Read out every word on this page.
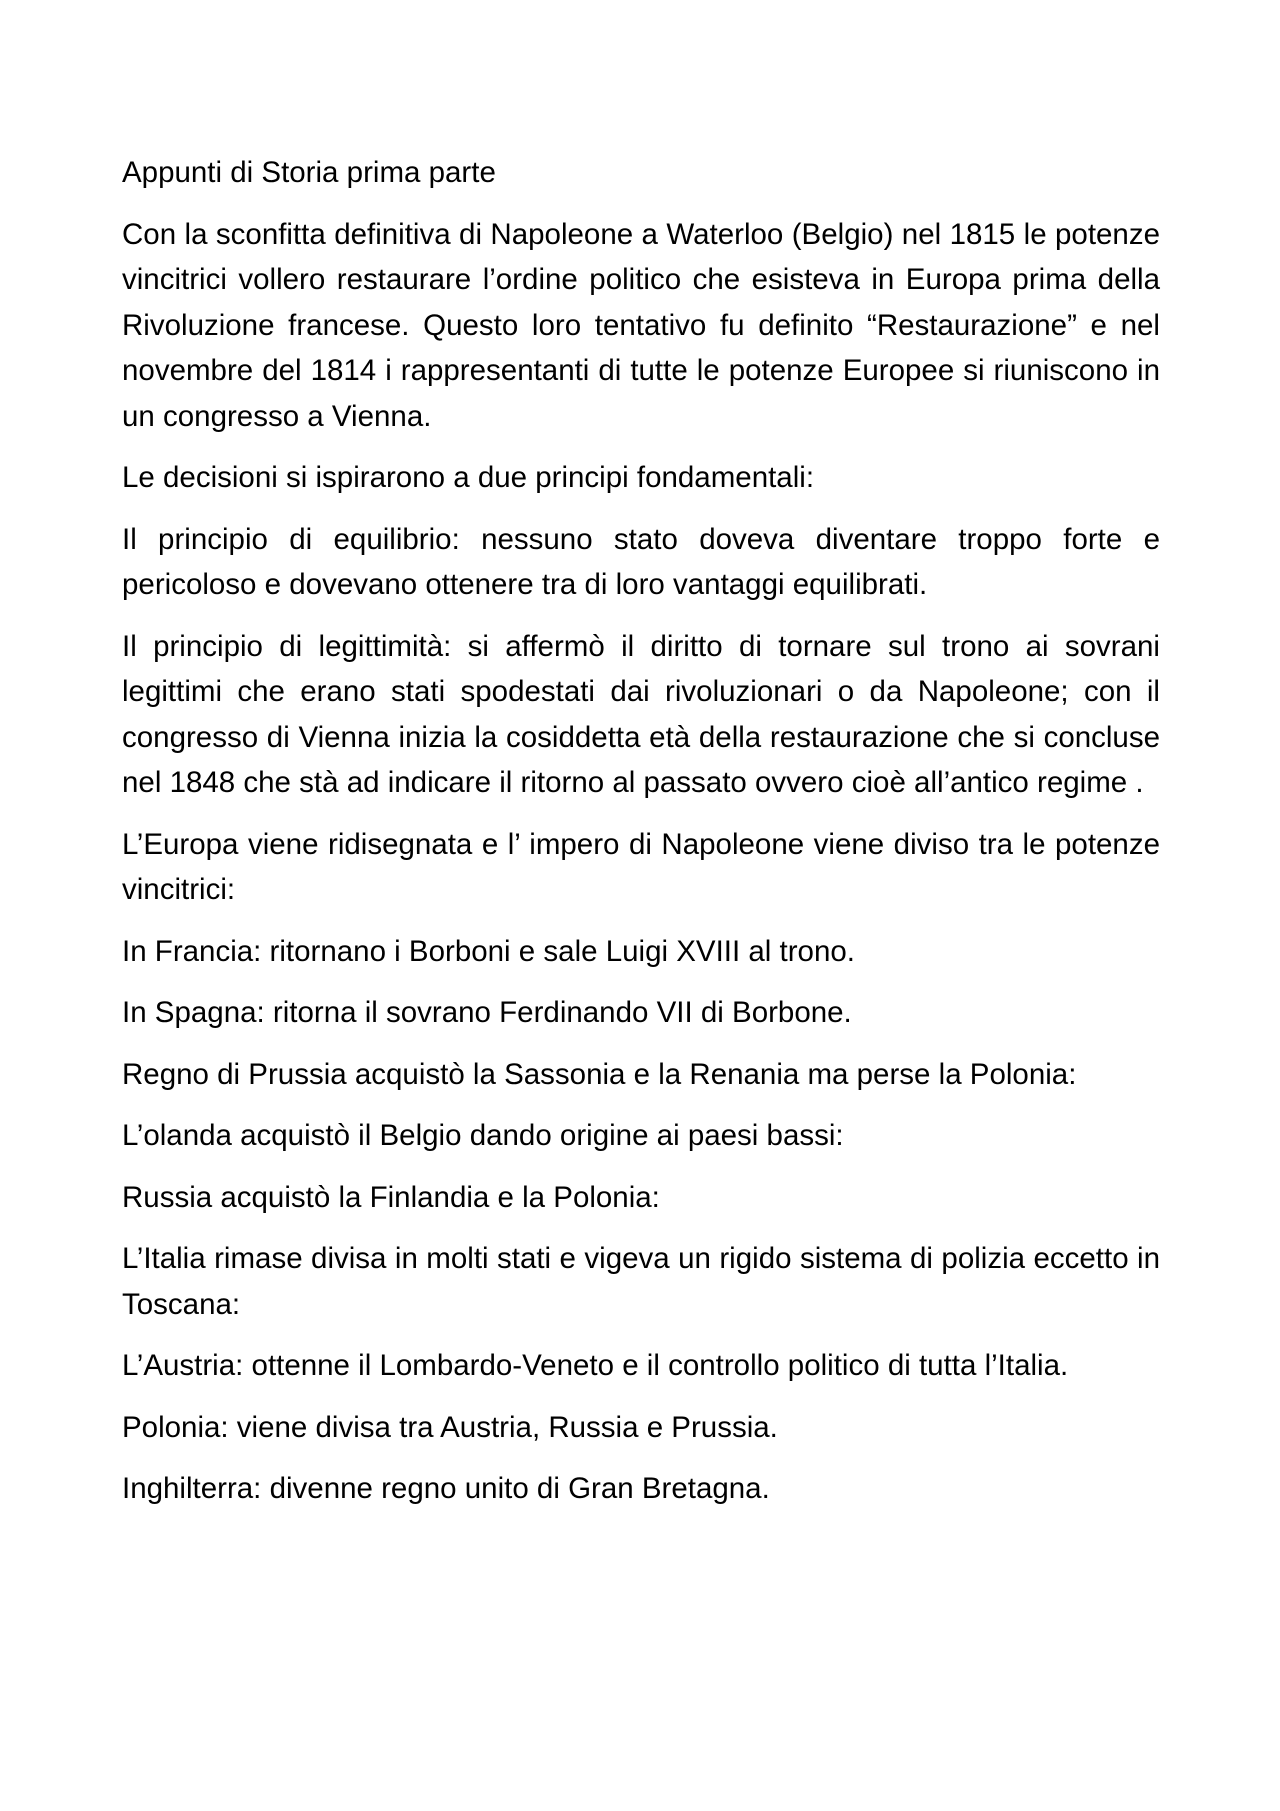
Appunti di Storia prima parte

Con la sconfitta definitiva di Napoleone a Waterloo (Belgio) nel 1815 le potenze vincitrici vollero restaurare l’ordine politico che esisteva in Europa prima della Rivoluzione francese. Questo loro tentativo fu definito “Restaurazione” e nel novembre del 1814 i rappresentanti di tutte le potenze Europee si riuniscono in un congresso a Vienna.

Le decisioni si ispirarono a due principi fondamentali:

Il principio di equilibrio: nessuno stato doveva diventare troppo forte e pericoloso e dovevano ottenere tra di loro vantaggi equilibrati.

Il principio di legittimità: si affermò il diritto di tornare sul trono ai sovrani legittimi che erano stati spodestati dai rivoluzionari o da Napoleone; con il congresso di Vienna inizia la cosiddetta età della restaurazione che si concluse nel 1848 che stà ad indicare il ritorno al passato ovvero cioè all’antico regime .

L’Europa viene ridisegnata e l’ impero di Napoleone viene diviso tra le potenze vincitrici:

In Francia: ritornano i Borboni e sale Luigi XVIII al trono.

In Spagna: ritorna il sovrano Ferdinando VII di Borbone.

Regno di Prussia acquistò la Sassonia e la Renania ma perse la Polonia:

L’olanda acquistò il Belgio dando origine ai paesi bassi:

Russia acquistò la Finlandia e la Polonia:

L’Italia rimase divisa in molti stati e vigeva un rigido sistema di polizia eccetto in Toscana:

L’Austria: ottenne il Lombardo-Veneto e il controllo politico di tutta l’Italia.

Polonia: viene divisa tra Austria, Russia e Prussia.

Inghilterra: divenne regno unito di Gran Bretagna.
